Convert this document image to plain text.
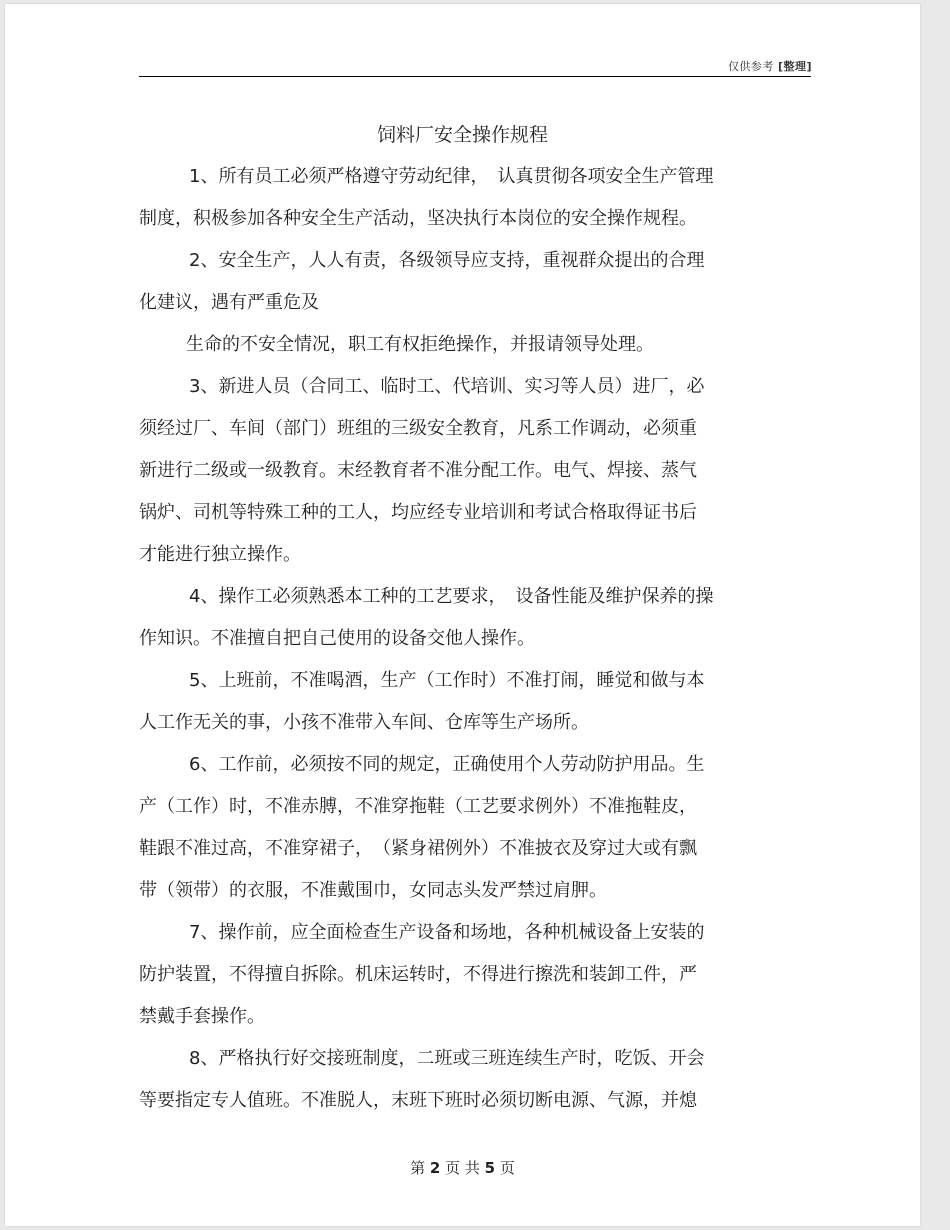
仅供参考 [整理]
饲料厂安全操作规程
1、所有员工必须严格遵守劳动纪律，　认真贯彻各项安全生产管理
制度，积极参加各种安全生产活动，坚决执行本岗位的安全操作规程。
2、安全生产，人人有责，各级领导应支持，重视群众提出的合理
化建议，遇有严重危及
生命的不安全情况，职工有权拒绝操作，并报请领导处理。
3、新进人员（合同工、临时工、代培训、实习等人员）进厂，必
须经过厂、车间（部门）班组的三级安全教育，凡系工作调动，必须重
新进行二级或一级教育。末经教育者不准分配工作。电气、焊接、蒸气
锅炉、司机等特殊工种的工人，均应经专业培训和考试合格取得证书后
才能进行独立操作。
4、操作工必须熟悉本工种的工艺要求，　设备性能及维护保养的操
作知识。不准擅自把自己使用的设备交他人操作。
5、上班前，不准喝酒，生产（工作时）不准打闹，睡觉和做与本
人工作无关的事，小孩不准带入车间、仓库等生产场所。
6、工作前，必须按不同的规定，正确使用个人劳动防护用品。生
产（工作）时，不准赤膊，不准穿拖鞋（工艺要求例外）不准拖鞋皮，
鞋跟不准过高，不准穿裙子，　（紧身裙例外）不准披衣及穿过大或有飘
带（领带）的衣服，不准戴围巾，女同志头发严禁过肩胛。
7、操作前，应全面检查生产设备和场地，各种机械设备上安装的
防护装置，不得擅自拆除。机床运转时，不得进行擦洗和装卸工件，严
禁戴手套操作。
8、严格执行好交接班制度，二班或三班连续生产时，吃饭、开会
等要指定专人值班。不准脱人，末班下班时必须切断电源、气源，并熄
第 2 页 共 5 页
